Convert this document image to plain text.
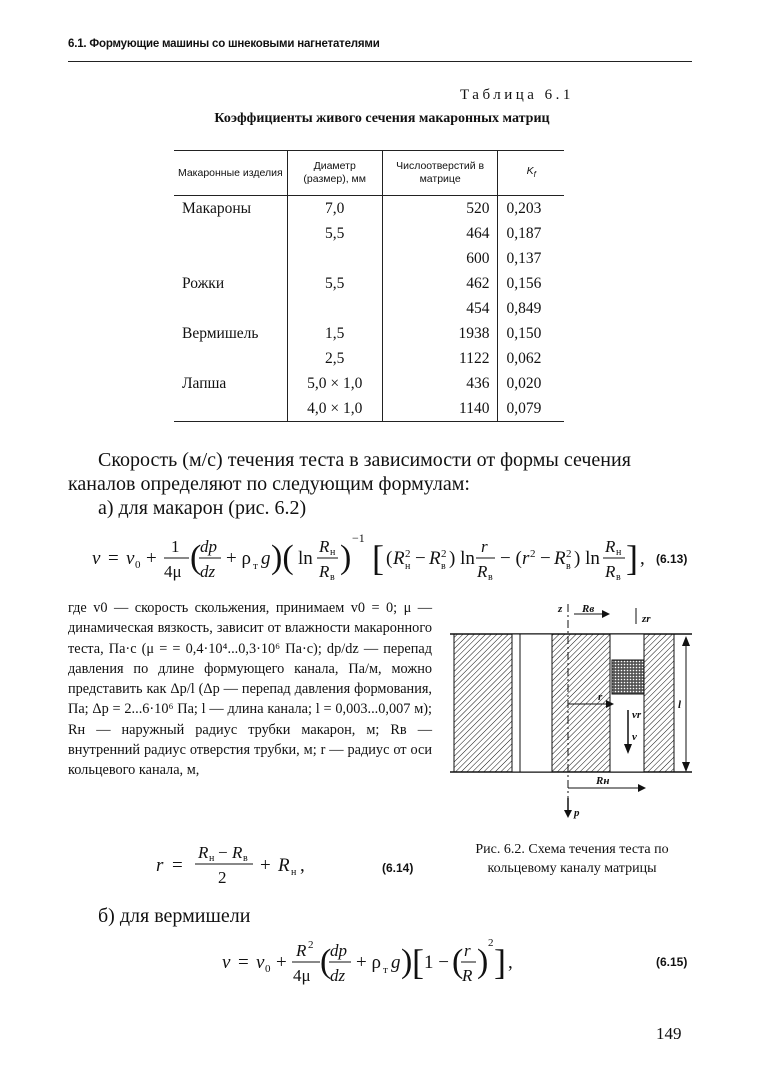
6.1. Формующие машины со шнековыми нагнетателями
Таблица 6.1
Коэффициенты живого сечения макаронных матриц
Макаронные изделия	Диаметр (размер), мм	Числоотверстий в матрице	$K_f$
Макароны	7,0	520	0,203
	5,5	464	0,187
		600	0,137
Рожки	5,5	462	0,156
		454	0,849
Вермишель	1,5	1938	0,150
	2,5	1122	0,062
Лапша	5,0 × 1,0	436	0,020
	4,0 × 1,0	1140	0,079
Скорость (м/с) течения теста в зависимости от формы сечения
каналов определяют по следующим формулам:
а) для макарон (рис. 6.2)
v = v 0 +
1
4μ (
dp
dz
+ ρ т g )( ln
R н
R в
)
−1 [ ( R 2
н − R 2
в ) ln
r
R в
− ( r 2 − R 2
в ) ln
R н
R в ] , (6.13)
где v0 — скорость скольжения, принимаем v0 = 0; μ — динамическая вязкость, зависит от влажности макаронного теста, Па·с (μ = = 0,4·10⁴...0,3·10⁶ Па·с); dp/dz — перепад давления по длине формующего канала, Па/м, можно представить как Δp/l (Δp — перепад давления формования, Па; Δp = 2...6·10⁶ Па; l — длина канала; l = 0,003...0,007 м); Rн — наружный радиус трубки макарон, м; Rв — внутренний радиус отверстия трубки, м; r — радиус от оси кольцевого канала, м,
r =
R н − R в
2
+ R н ,	(6.14)
z Rв
zr
r
vr
v
Rн
p
l
Рис. 6.2. Схема течения теста по кольцевому каналу матрицы
б) для вермишели
v = v 0 +
R 2
4μ (
dp
dz
+ ρ т g ) [ 1 − ( r
R ) 2 ] ,	(6.15)
149
